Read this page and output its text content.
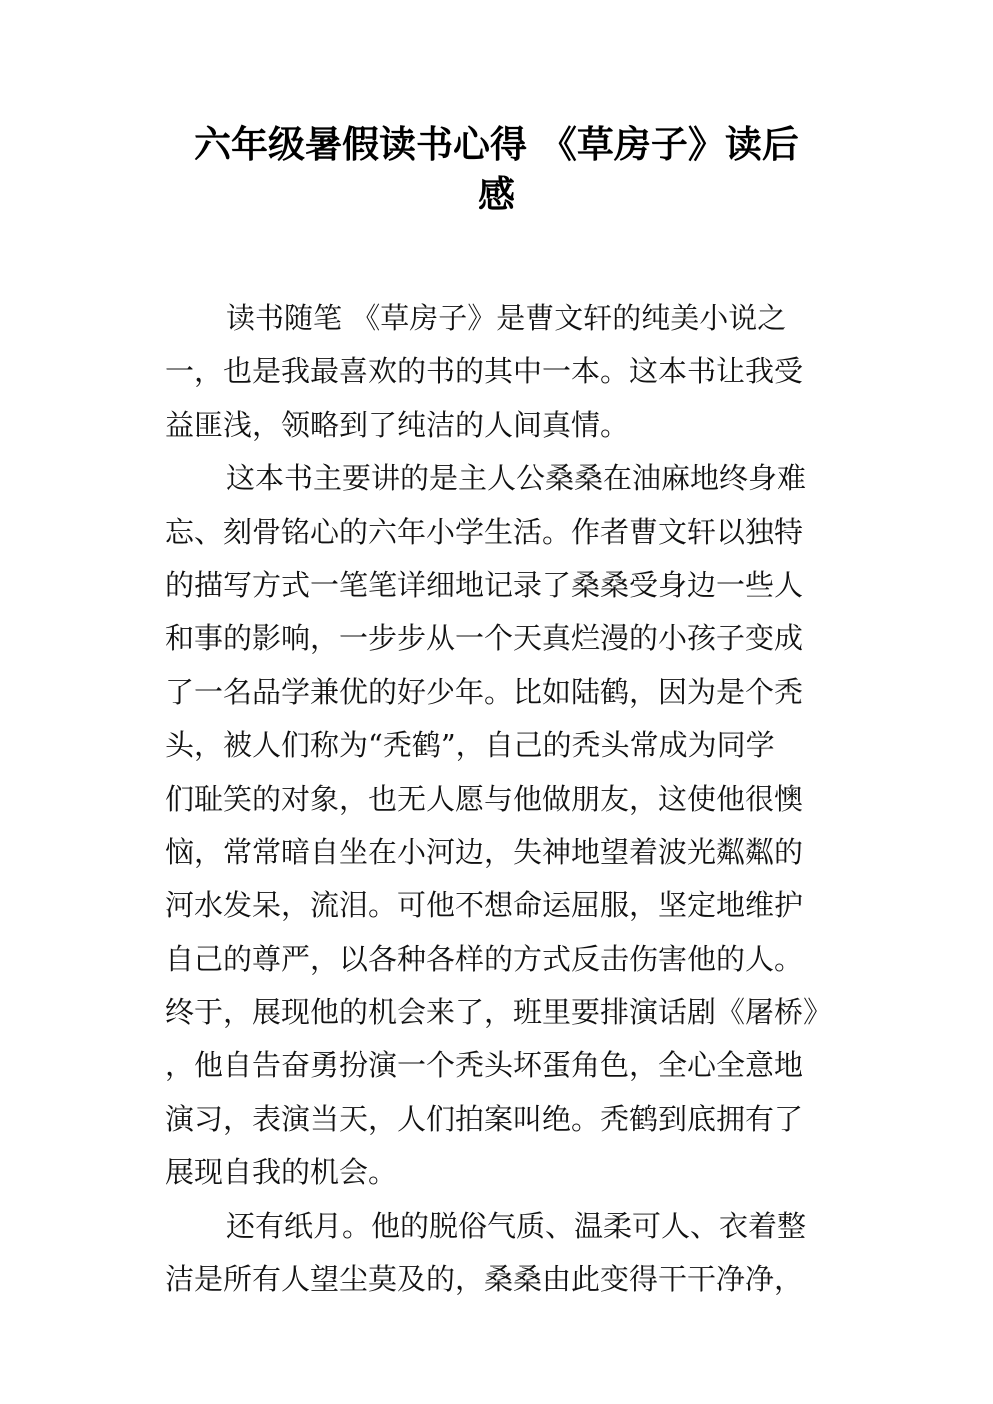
六年级暑假读书心得 《草房子》读后
感
读书随笔 《草房子》是曹文轩的纯美小说之
一，也是我最喜欢的书的其中一本。这本书让我受
益匪浅，领略到了纯洁的人间真情。
这本书主要讲的是主人公桑桑在油麻地终身难
忘、刻骨铭心的六年小学生活。作者曹文轩以独特
的描写方式一笔笔详细地记录了桑桑受身边一些人
和事的影响，一步步从一个天真烂漫的小孩子变成
了一名品学兼优的好少年。比如陆鹤，因为是个秃
头，被人们称为“秃鹤”，自己的秃头常成为同学
们耻笑的对象，也无人愿与他做朋友，这使他很懊
恼，常常暗自坐在小河边，失神地望着波光粼粼的
河水发呆，流泪。可他不想命运屈服，坚定地维护
自己的尊严，以各种各样的方式反击伤害他的人。
终于，展现他的机会来了，班里要排演话剧《屠桥》
，他自告奋勇扮演一个秃头坏蛋角色，全心全意地
演习，表演当天，人们拍案叫绝。秃鹤到底拥有了
展现自我的机会。
还有纸月。他的脱俗气质、温柔可人、衣着整
洁是所有人望尘莫及的，桑桑由此变得干干净净，
